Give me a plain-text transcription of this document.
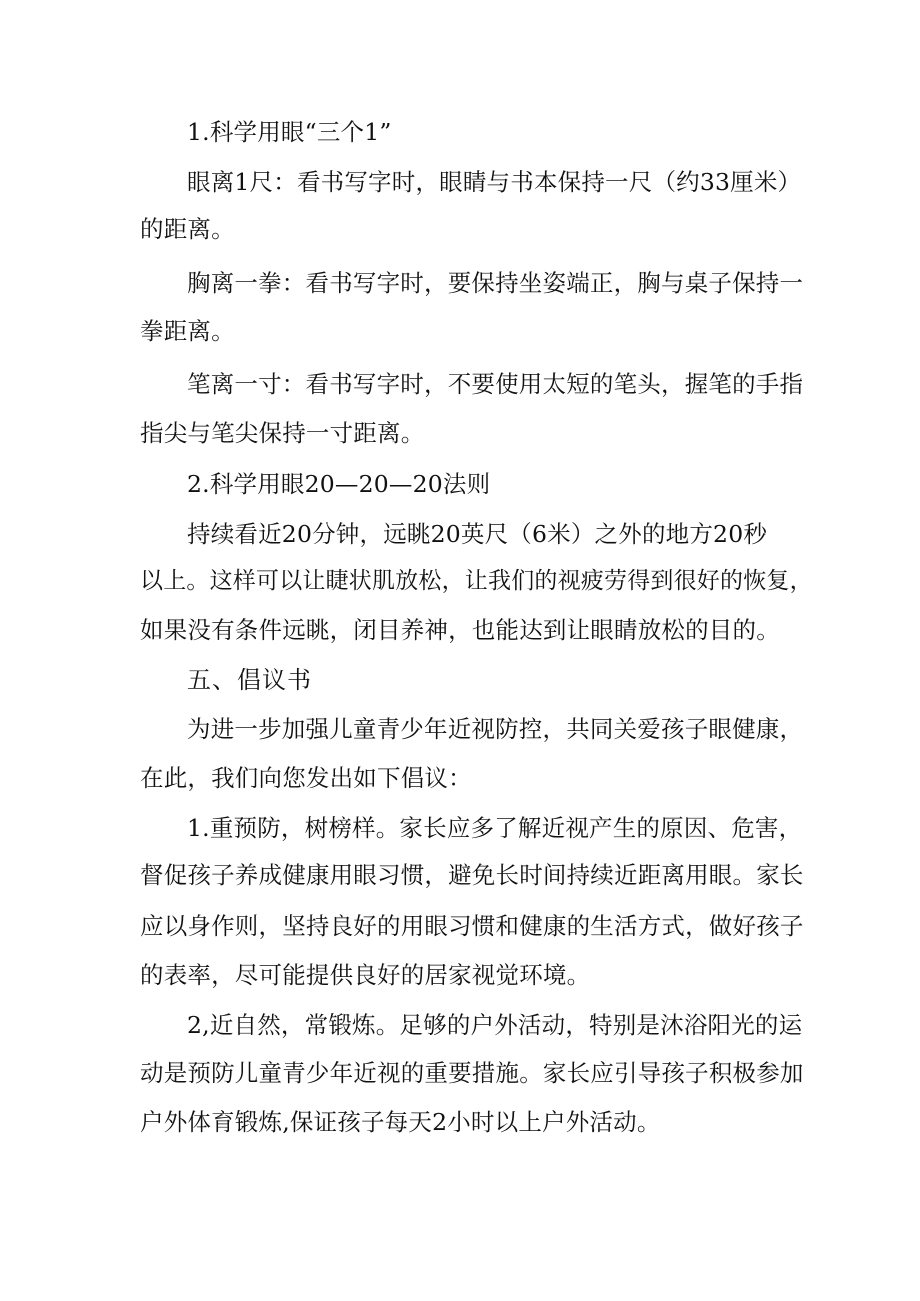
1.科学用眼“三个1”
眼离1尺：看书写字时，眼睛与书本保持一尺（约33厘米）
的距离。
胸离一拳：看书写字时，要保持坐姿端正，胸与桌子保持一
拳距离。
笔离一寸：看书写字时，不要使用太短的笔头，握笔的手指
指尖与笔尖保持一寸距离。
2.科学用眼20—20—20法则
持续看近20分钟，远眺20英尺（6米）之外的地方20秒
以上。这样可以让睫状肌放松，让我们的视疲劳得到很好的恢复，
如果没有条件远眺，闭目养神，也能达到让眼睛放松的目的。
五、倡议书
为进一步加强儿童青少年近视防控，共同关爱孩子眼健康，
在此，我们向您发出如下倡议：
1.重预防，树榜样。家长应多了解近视产生的原因、危害，
督促孩子养成健康用眼习惯，避免长时间持续近距离用眼。家长
应以身作则，坚持良好的用眼习惯和健康的生活方式，做好孩子
的表率，尽可能提供良好的居家视觉环境。
2,近自然，常锻炼。足够的户外活动，特别是沐浴阳光的运
动是预防儿童青少年近视的重要措施。家长应引导孩子积极参加
户外体育锻炼,保证孩子每天2小时以上户外活动。
